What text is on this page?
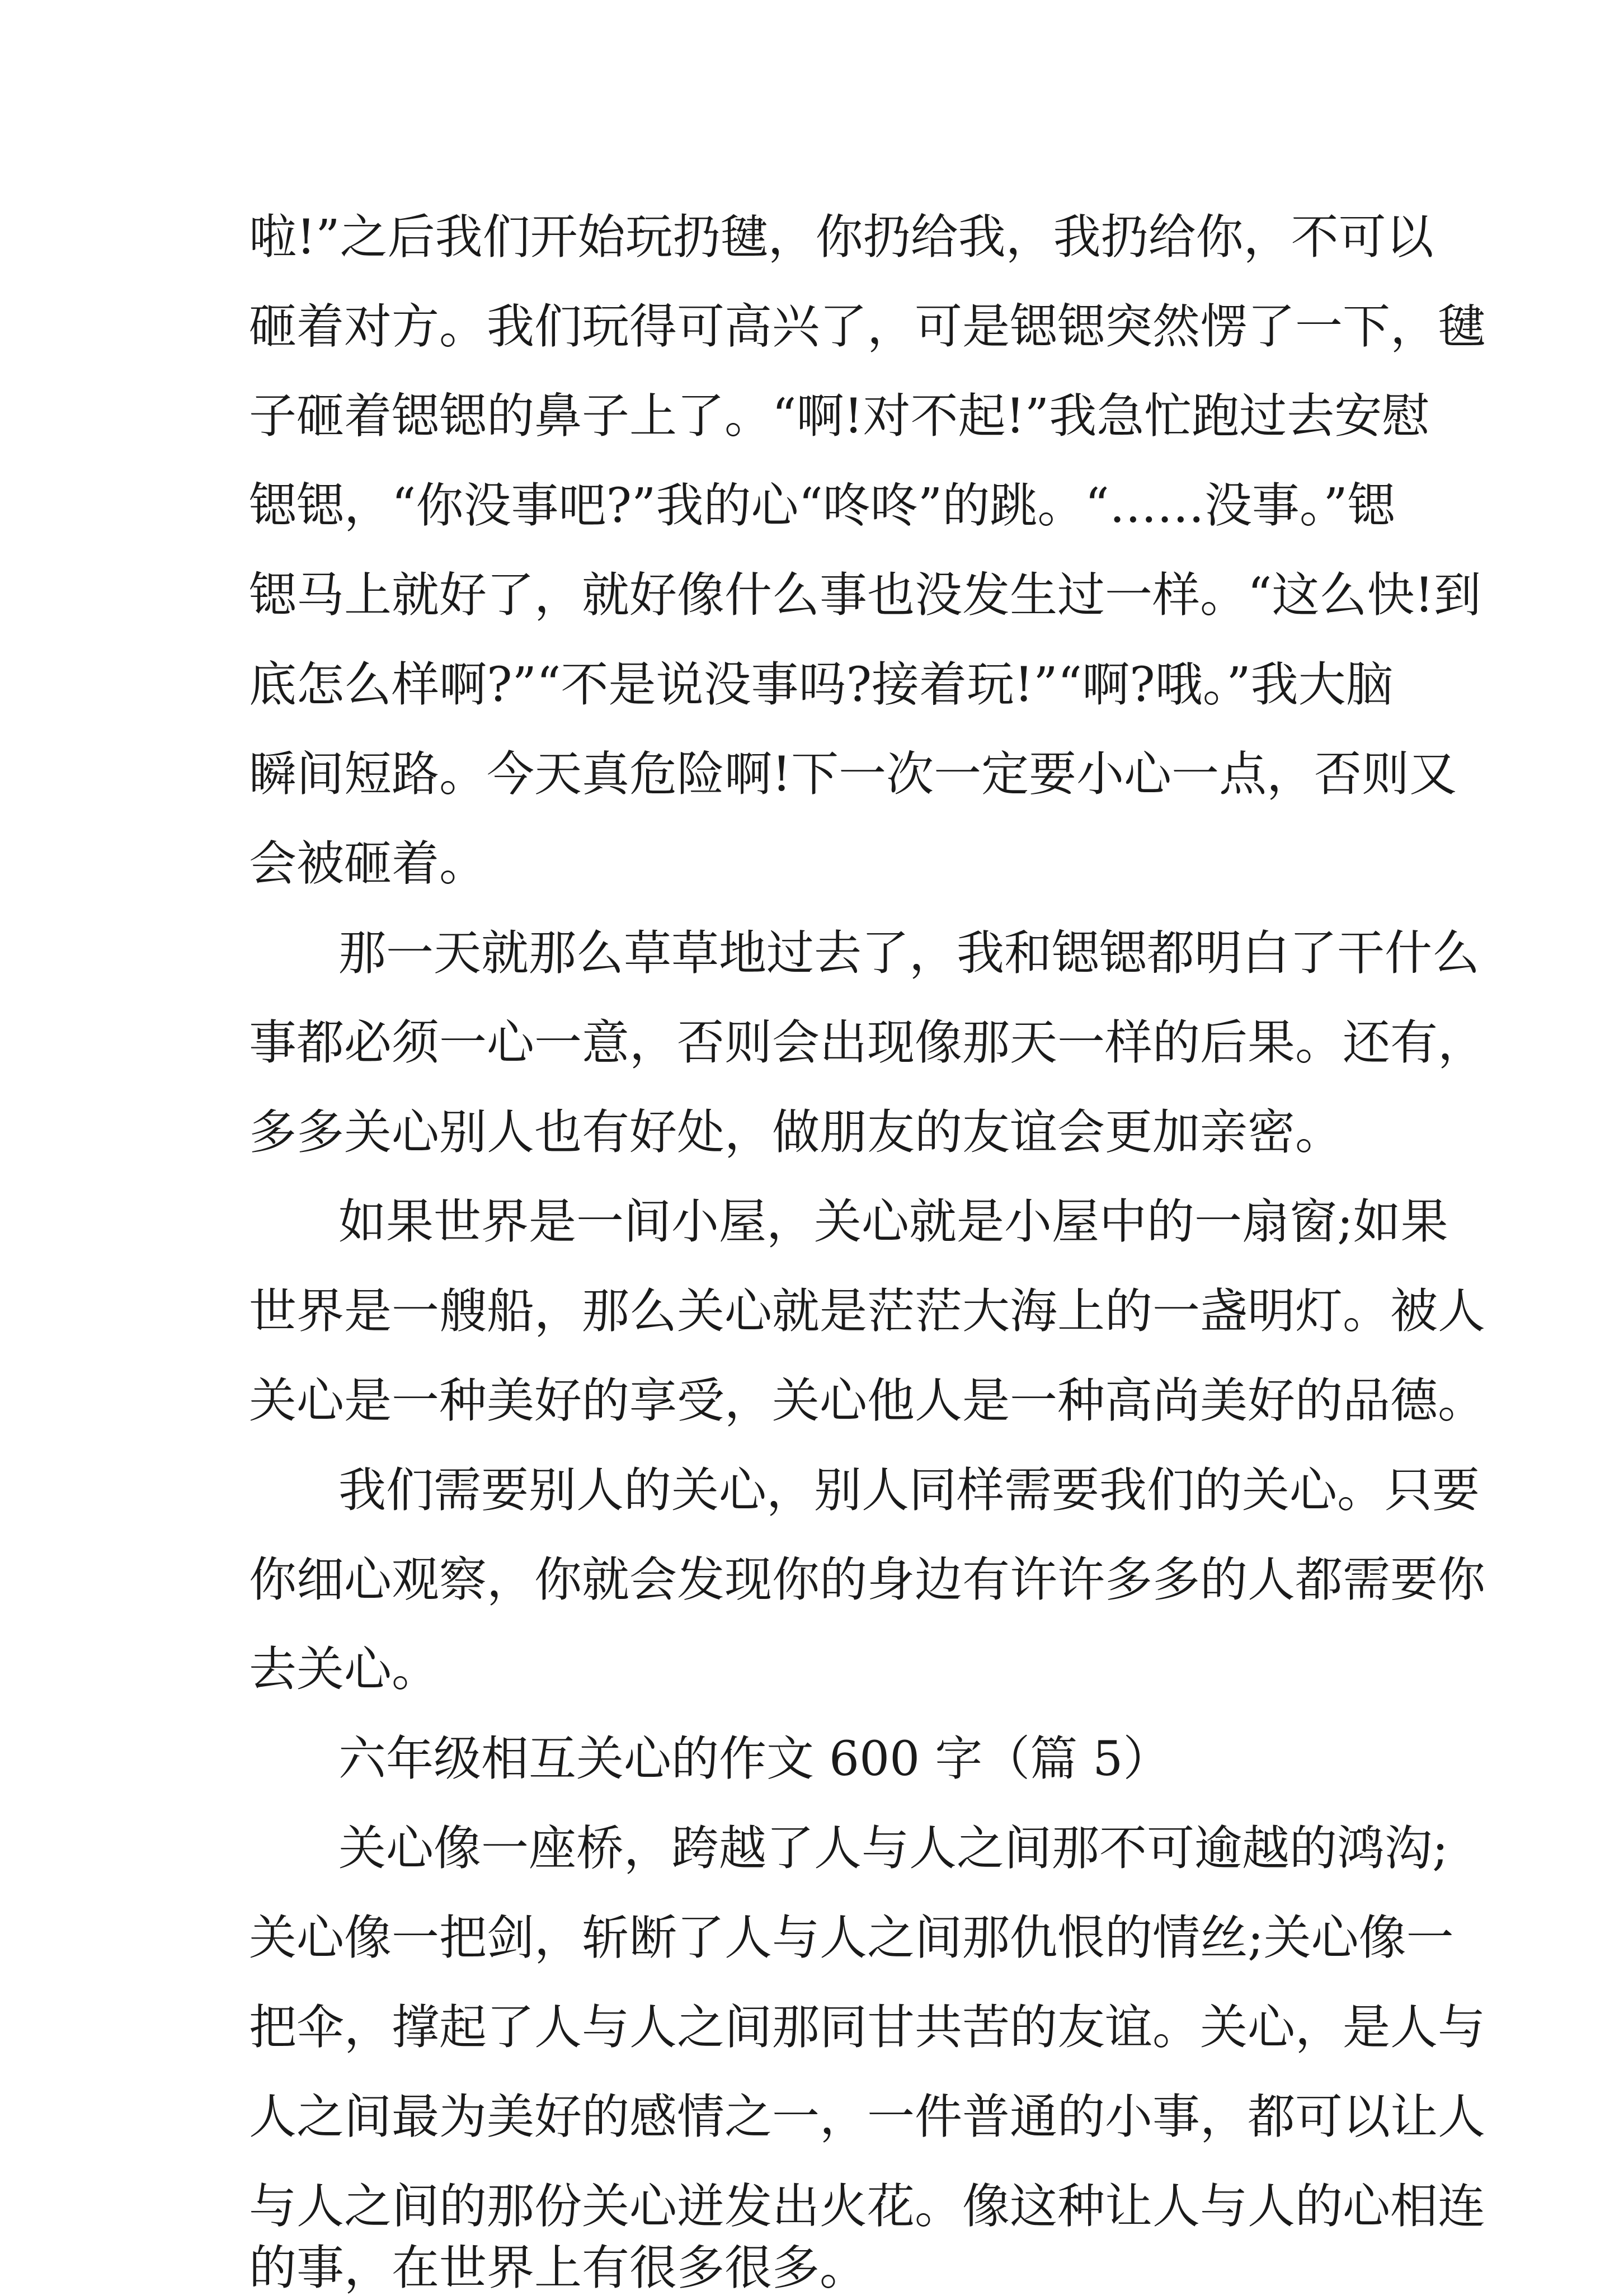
啦!”之后我们开始玩扔毽，你扔给我，我扔给你，不可以
砸着对方。我们玩得可高兴了，可是锶锶突然愣了一下，毽
子砸着锶锶的鼻子上了。“啊!对不起!”我急忙跑过去安慰
锶锶，“你没事吧?”我的心“咚咚”的跳。“……没事。”锶
锶马上就好了，就好像什么事也没发生过一样。“这么快!到
底怎么样啊?”“不是说没事吗?接着玩!”“啊?哦。”我大脑
瞬间短路。今天真危险啊!下一次一定要小心一点，否则又
会被砸着。
那一天就那么草草地过去了，我和锶锶都明白了干什么
事都必须一心一意，否则会出现像那天一样的后果。还有，
多多关心别人也有好处，做朋友的友谊会更加亲密。
如果世界是一间小屋，关心就是小屋中的一扇窗;如果
世界是一艘船，那么关心就是茫茫大海上的一盏明灯。被人
关心是一种美好的享受，关心他人是一种高尚美好的品德。
我们需要别人的关心，别人同样需要我们的关心。只要
你细心观察，你就会发现你的身边有许许多多的人都需要你
去关心。
六年级相互关心的作文 600 字（篇 5）
关心像一座桥，跨越了人与人之间那不可逾越的鸿沟;
关心像一把剑，斩断了人与人之间那仇恨的情丝;关心像一
把伞，撑起了人与人之间那同甘共苦的友谊。关心，是人与
人之间最为美好的感情之一，一件普通的小事，都可以让人
与人之间的那份关心迸发出火花。像这种让人与人的心相连
的事，在世界上有很多很多。
